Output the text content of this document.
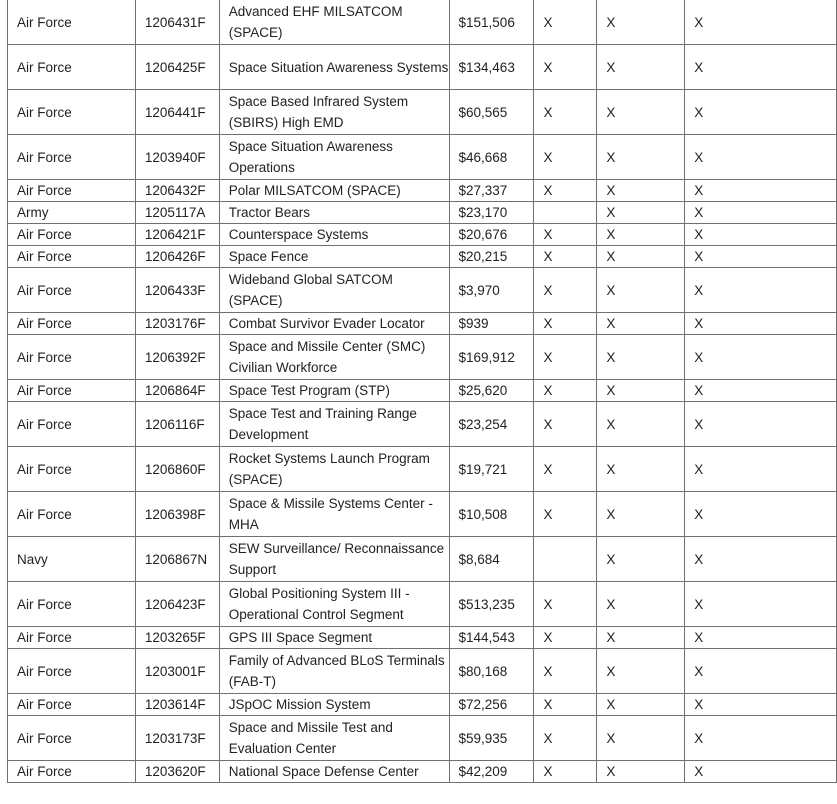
Air Force	1206431F	Advanced EHF MILSATCOM (SPACE)	$151,506	X	X	X
Air Force	1206425F	Space Situation Awareness Systems	$134,463	X	X	X
Air Force	1206441F	Space Based Infrared System (SBIRS) High EMD	$60,565	X	X	X
Air Force	1203940F	Space Situation Awareness Operations	$46,668	X	X	X
Air Force	1206432F	Polar MILSATCOM (SPACE)	$27,337	X	X	X
Army	1205117A	Tractor Bears	$23,170		X	X
Air Force	1206421F	Counterspace Systems	$20,676	X	X	X
Air Force	1206426F	Space Fence	$20,215	X	X	X
Air Force	1206433F	Wideband Global SATCOM (SPACE)	$3,970	X	X	X
Air Force	1203176F	Combat Survivor Evader Locator	$939	X	X	X
Air Force	1206392F	Space and Missile Center (SMC) Civilian Workforce	$169,912	X	X	X
Air Force	1206864F	Space Test Program (STP)	$25,620	X	X	X
Air Force	1206116F	Space Test and Training Range Development	$23,254	X	X	X
Air Force	1206860F	Rocket Systems Launch Program (SPACE)	$19,721	X	X	X
Air Force	1206398F	Space & Missile Systems Center - MHA	$10,508	X	X	X
Navy	1206867N	SEW Surveillance/ Reconnaissance Support	$8,684		X	X
Air Force	1206423F	Global Positioning System III - Operational Control Segment	$513,235	X	X	X
Air Force	1203265F	GPS III Space Segment	$144,543	X	X	X
Air Force	1203001F	Family of Advanced BLoS Terminals (FAB-T)	$80,168	X	X	X
Air Force	1203614F	JSpOC Mission System	$72,256	X	X	X
Air Force	1203173F	Space and Missile Test and Evaluation Center	$59,935	X	X	X
Air Force	1203620F	National Space Defense Center	$42,209	X	X	X
